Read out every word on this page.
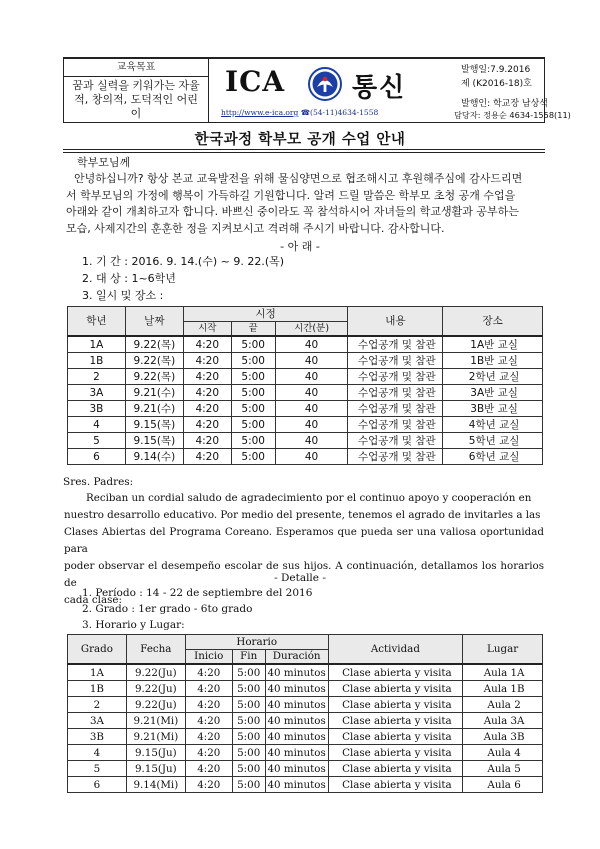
교육목표
꿈과 실력을 키워가는 자율적, 창의적, 도덕적인 어린이
ICA	통신
http://www.e-ica.org ☎(54-11)4634-1558
발행일:7.9.2016
제 (K2016-18)호
발행인: 학교장 남상석
담당자: 정용순 4634-1558(11)
한국과정 학부모 공개 수업 안내
학부모님께
안녕하십니까? 항상 본교 교육발전을 위해 물심양면으로 협조해시고 후원해주심에 감사드리면
서 학부모님의 가정에 행복이 가득하길 기원합니다. 알려 드릴 말씀은 학부모 초청 공개 수업을
아래와 같이 개최하고자 합니다. 바쁘신 중이라도 꼭 참석하시어 자녀들의 학교생활과 공부하는
모습, 사제지간의 훈훈한 정을 지켜보시고 격려해 주시기 바랍니다. 감사합니다.
- 아 래 -
1. 기 간 : 2016. 9. 14.(수) ~ 9. 22.(목)
2. 대 상 : 1~6학년
3. 일시 및 장소 :
학년	날짜	시정			내용	장소
		시작	끝	시간(분)		
1A	9.22(목)	4:20	5:00	40	수업공개 및 참관	1A반 교실
1B	9.22(목)	4:20	5:00	40	수업공개 및 참관	1B반 교실
2	9.22(목)	4:20	5:00	40	수업공개 및 참관	2학년 교실
3A	9.21(수)	4:20	5:00	40	수업공개 및 참관	3A반 교실
3B	9.21(수)	4:20	5:00	40	수업공개 및 참관	3B반 교실
4	9.15(목)	4:20	5:00	40	수업공개 및 참관	4학년 교실
5	9.15(목)	4:20	5:00	40	수업공개 및 참관	5학년 교실
6	9.14(수)	4:20	5:00	40	수업공개 및 참관	6학년 교실
Sres. Padres:
Reciban un cordial saludo de agradecimiento por el continuo apoyo y cooperación en
nuestro desarrollo educativo. Por medio del presente, tenemos el agrado de invitarles a las
Clases Abiertas del Programa Coreano. Esperamos que pueda ser una valiosa oportunidad para
poder observar el desempeño escolar de sus hijos. A continuación, detallamos los horarios de
cada clase:
- Detalle -
1. Período : 14 - 22 de septiembre del 2016
2. Grado : 1er grado - 6to grado
3. Horario y Lugar:
Grado	Fecha	Horario			Actividad	Lugar
		Inicio	Fin	Duración		
1A	9.22(Ju)	4:20	5:00	40 minutos	Clase abierta y visita	Aula 1A
1B	9.22(Ju)	4:20	5:00	40 minutos	Clase abierta y visita	Aula 1B
2	9.22(Ju)	4:20	5:00	40 minutos	Clase abierta y visita	Aula 2
3A	9.21(Mi)	4:20	5:00	40 minutos	Clase abierta y visita	Aula 3A
3B	9.21(Mi)	4:20	5:00	40 minutos	Clase abierta y visita	Aula 3B
4	9.15(Ju)	4:20	5:00	40 minutos	Clase abierta y visita	Aula 4
5	9.15(Ju)	4:20	5:00	40 minutos	Clase abierta y visita	Aula 5
6	9.14(Mi)	4:20	5:00	40 minutos	Clase abierta y visita	Aula 6
